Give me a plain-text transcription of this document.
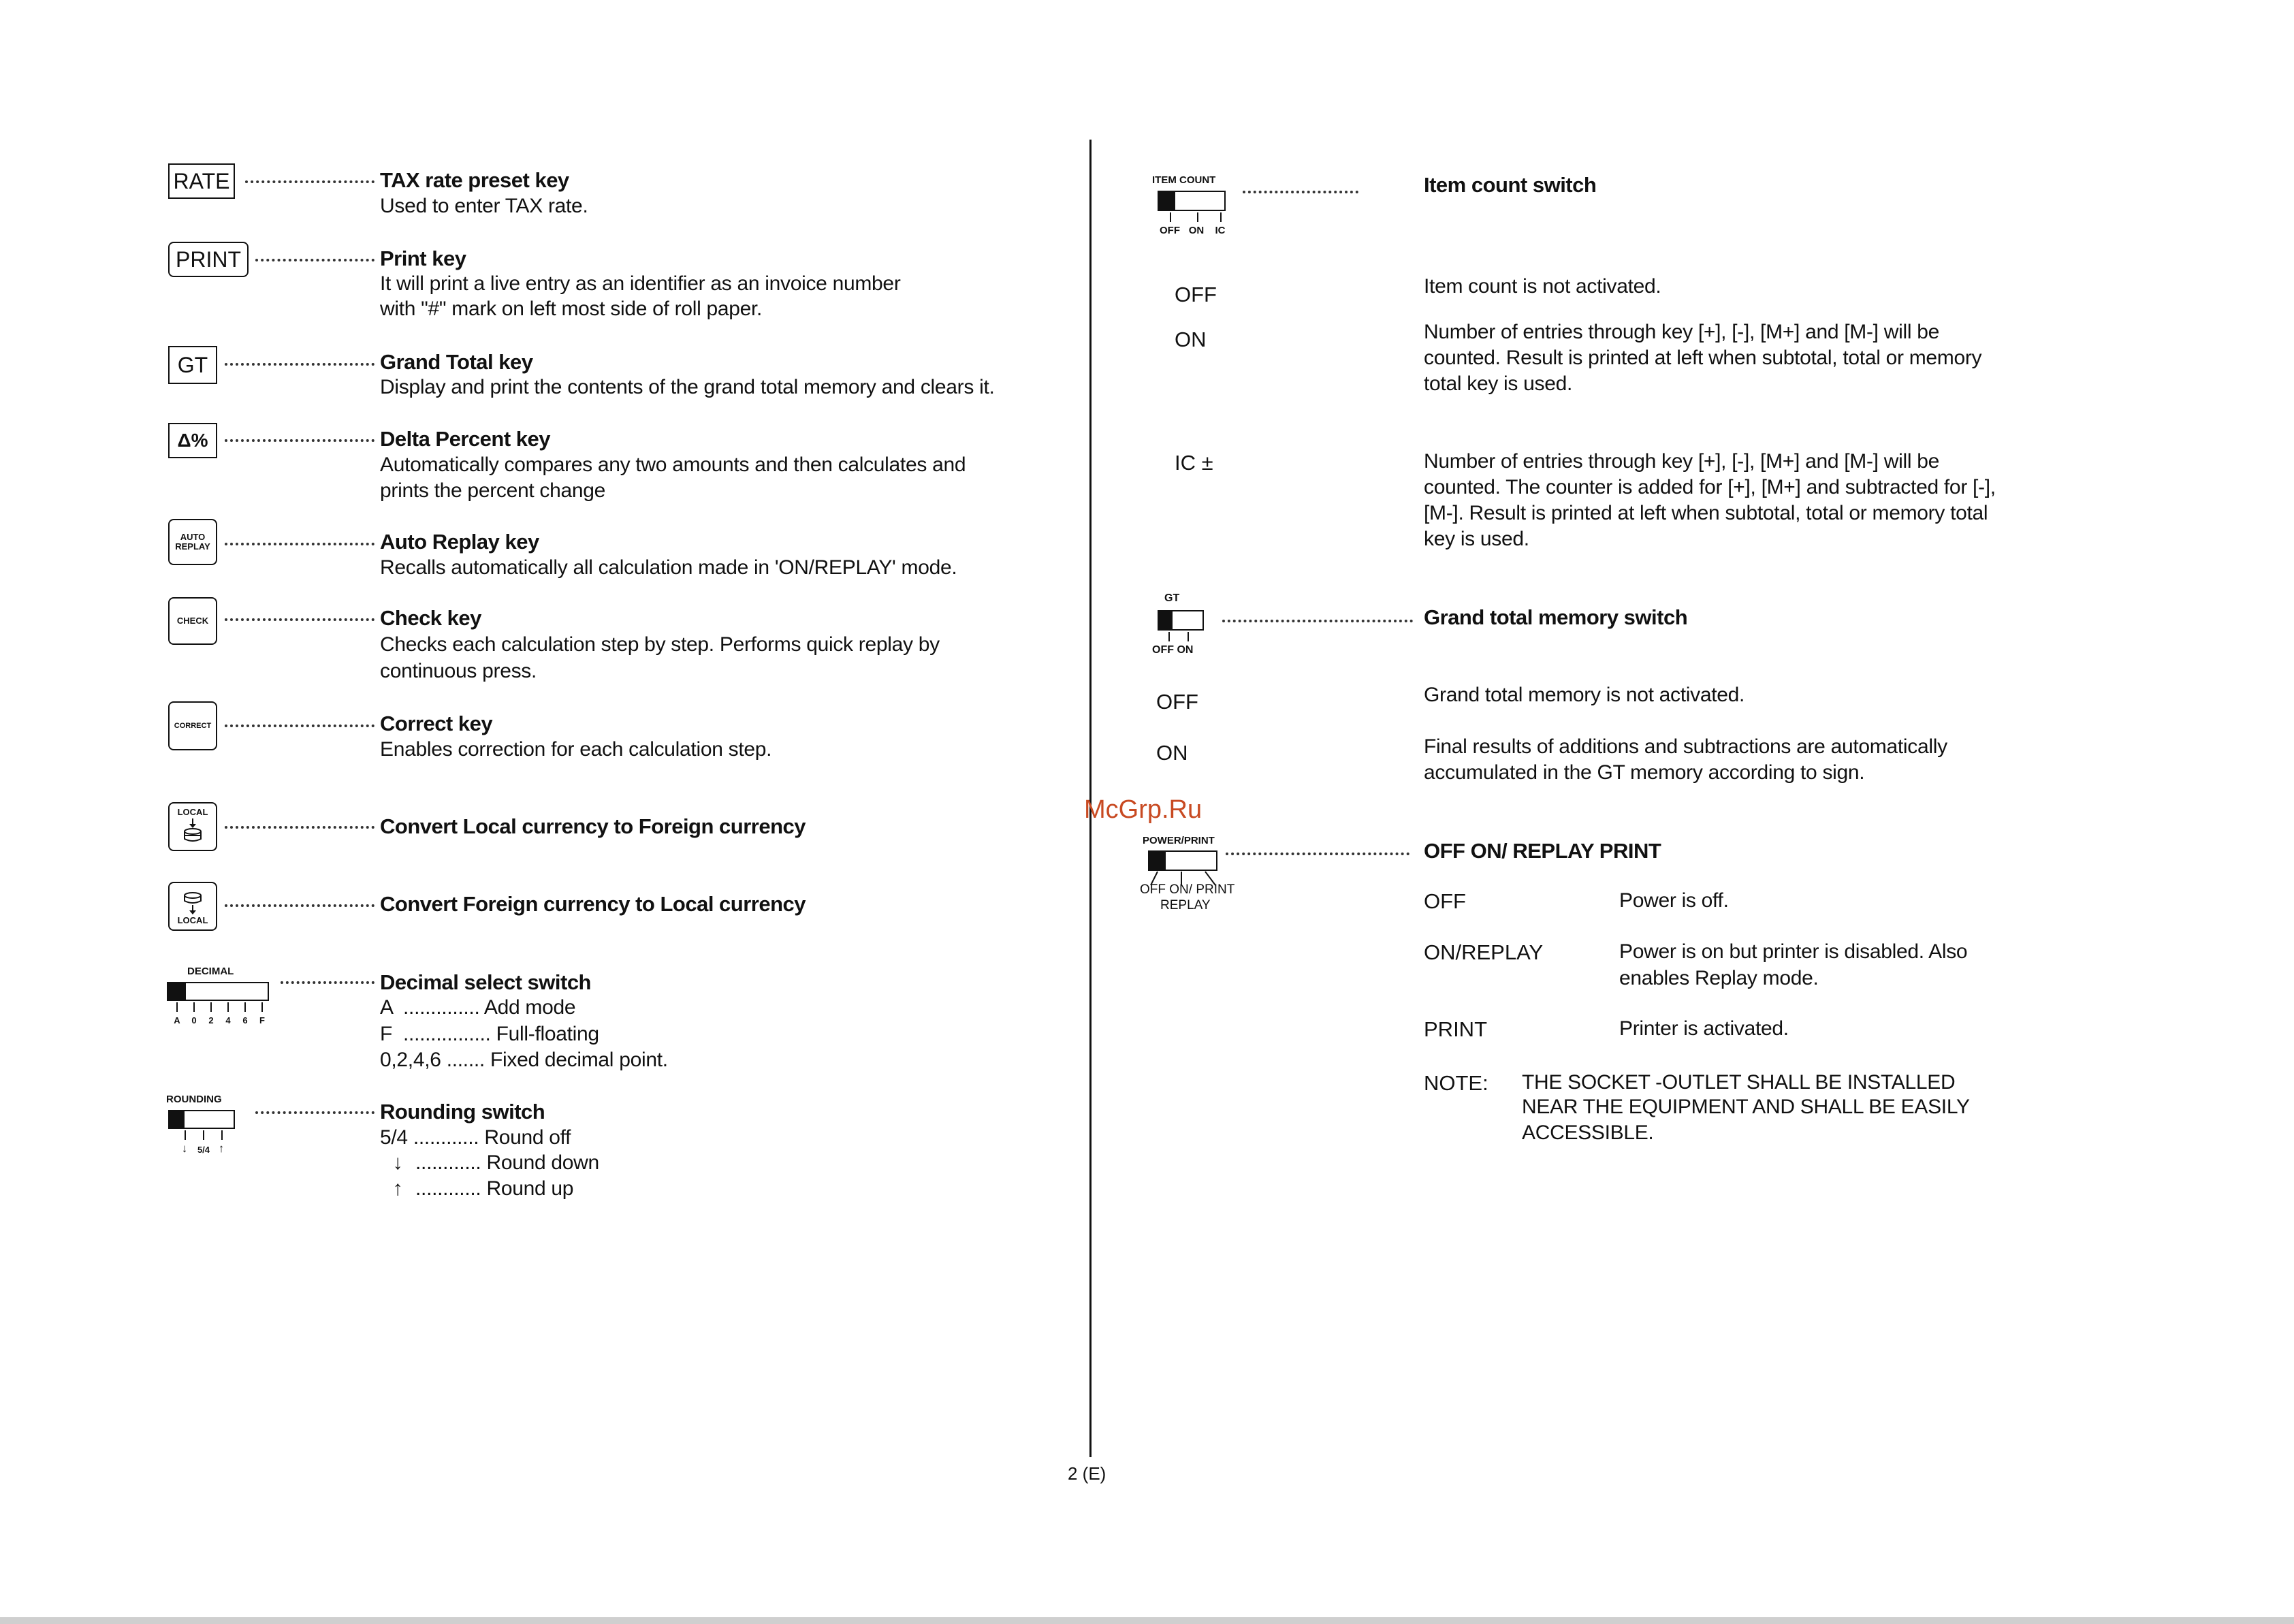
RATE	TAX rate preset key
Used to enter TAX rate.
PRINT	Print key
It will print a live entry as an identifier as an invoice number
with "#" mark on left most side of roll paper.
GT	Grand Total key
Display and print the contents of the grand total memory and clears it.
Δ%	Delta Percent key
Automatically compares any two amounts and then calculates and
prints the percent change
AUTO
REPLAY	Auto Replay key
Recalls automatically all calculation made in 'ON/REPLAY' mode.
CHECK	Check key
Checks each calculation step by step. Performs quick replay by
continuous press.
CORRECT	Correct key
Enables correction for each calculation step.
LOCAL
Convert Local currency to Foreign currency
LOCAL
Convert Foreign currency to Local currency
DECIMAL
A	0	2	4	6	F
Decimal select switch
A .............. Add mode
F ................ Full-floating
0,2,4,6 ....... Fixed decimal point.
ROUNDING
↓	5/4 ↑
Rounding switch
5/4 ............ Round off
↓ ............ Round down
↑ ............ Round up
ITEM COUNT
OFF ON	IC
Item count switch
OFF	Item count is not activated.
ON	Number of entries through key [+], [-], [M+] and [M-] will be
counted. Result is printed at left when subtotal, total or memory
total key is used.
IC ±	Number of entries through key [+], [-], [M+] and [M-] will be
counted. The counter is added for [+], [M+] and subtracted for [-],
[M-]. Result is printed at left when subtotal, total or memory total
key is used.
GT
OFF ON
Grand total memory switch
OFF	Grand total memory is not activated.
ON	Final results of additions and subtractions are automatically
accumulated in the GT memory according to sign.
McGrp.Ru
POWER/PRINT
OFF ON/ PRINT
REPLAY
OFF ON/ REPLAY PRINT
OFF	Power is off.
ON/REPLAY	Power is on but printer is disabled. Also
enables Replay mode.
PRINT	Printer is activated.
NOTE: THE SOCKET -OUTLET SHALL BE INSTALLED
NEAR THE EQUIPMENT AND SHALL BE EASILY
ACCESSIBLE.
2 (E)
